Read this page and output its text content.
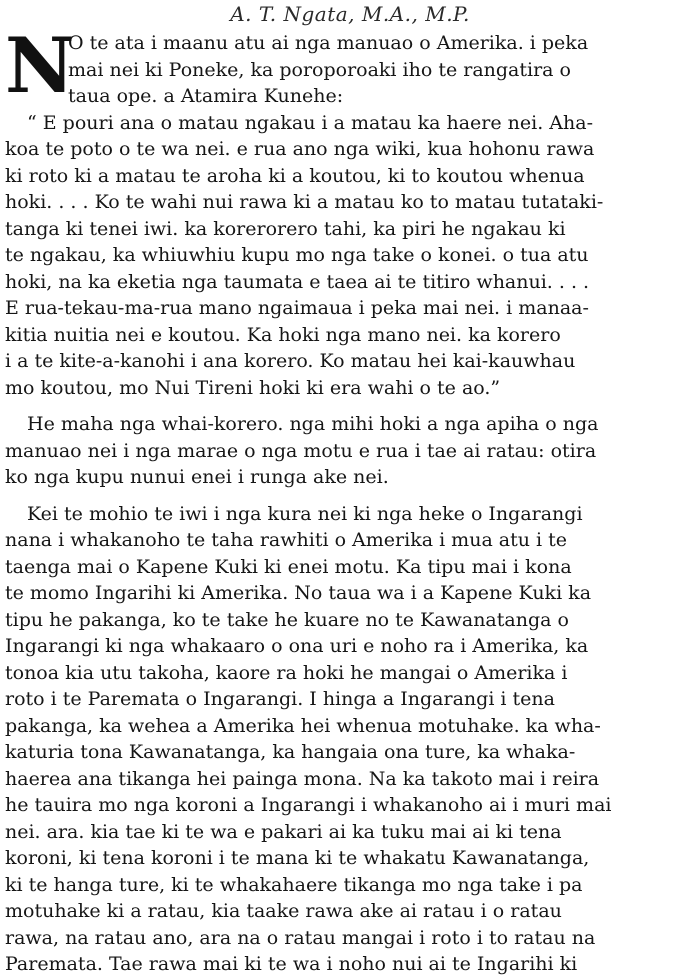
A. T. Ngata, M.A., M.P.
N
O te ata i maanu atu ai nga manuao o Amerika. i peka
mai nei ki Poneke, ka poroporoaki iho te rangatira o
taua ope. a Atamira Kunehe:
“ E pouri ana o matau ngakau i a matau ka haere nei. Aha-
koa te poto o te wa nei. e rua ano nga wiki, kua hohonu rawa
ki roto ki a matau te aroha ki a koutou, ki to koutou whenua
hoki. . . . Ko te wahi nui rawa ki a matau ko to matau tutataki-
tanga ki tenei iwi. ka korerorero tahi, ka piri he ngakau ki
te ngakau, ka whiuwhiu kupu mo nga take o konei. o tua atu
hoki, na ka eketia nga taumata e taea ai te titiro whanui. . . .
E rua-tekau-ma-rua mano ngaimaua i peka mai nei. i manaa-
kitia nuitia nei e koutou. Ka hoki nga mano nei. ka korero
i a te kite-a-kanohi i ana korero. Ko matau hei kai-kauwhau
mo koutou, mo Nui Tireni hoki ki era wahi o te ao.”
He maha nga whai-korero. nga mihi hoki a nga apiha o nga
manuao nei i nga marae o nga motu e rua i tae ai ratau: otira
ko nga kupu nunui enei i runga ake nei.
Kei te mohio te iwi i nga kura nei ki nga heke o Ingarangi
nana i whakanoho te taha rawhiti o Amerika i mua atu i te
taenga mai o Kapene Kuki ki enei motu. Ka tipu mai i kona
te momo Ingarihi ki Amerika. No taua wa i a Kapene Kuki ka
tipu he pakanga, ko te take he kuare no te Kawanatanga o
Ingarangi ki nga whakaaro o ona uri e noho ra i Amerika, ka
tonoa kia utu takoha, kaore ra hoki he mangai o Amerika i
roto i te Paremata o Ingarangi. I hinga a Ingarangi i tena
pakanga, ka wehea a Amerika hei whenua motuhake. ka wha-
katuria tona Kawanatanga, ka hangaia ona ture, ka whaka-
haerea ana tikanga hei painga mona. Na ka takoto mai i reira
he tauira mo nga koroni a Ingarangi i whakanoho ai i muri mai
nei. ara. kia tae ki te wa e pakari ai ka tuku mai ai ki tena
koroni, ki tena koroni i te mana ki te whakatu Kawanatanga,
ki te hanga ture, ki te whakahaere tikanga mo nga take i pa
motuhake ki a ratau, kia taake rawa ake ai ratau i o ratau
rawa, na ratau ano, ara na o ratau mangai i roto i to ratau na
Paremata. Tae rawa mai ki te wa i noho nui ai te Ingarihi ki
